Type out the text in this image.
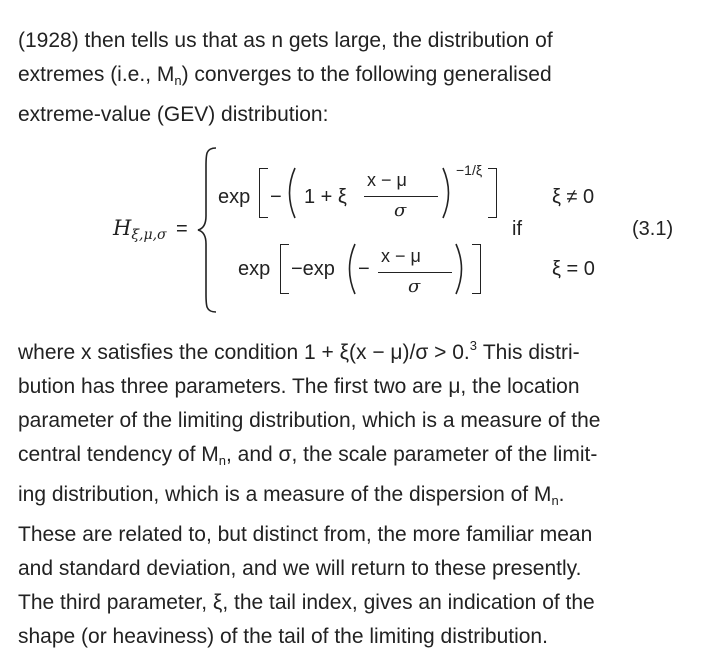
(1928) then tells us that as n gets large, the distribution of
extremes (i.e., $M_n$) converges to the following generalised
extreme-value (GEV) distribution:
$H_{\xi,\mu,\sigma}$ =
exp − 1 + ξ
x − μ
σ
−1/ξ
exp −exp −
x − μ
σ
if
ξ ≠ 0
ξ = 0
(3.1)
where x satisfies the condition 1 + ξ(x − μ)/σ > 0.$^3$ This distri-
bution has three parameters. The first two are μ, the location
parameter of the limiting distribution, which is a measure of the
central tendency of $M_n$, and σ, the scale parameter of the limit-
ing distribution, which is a measure of the dispersion of $M_n$.
These are related to, but distinct from, the more familiar mean
and standard deviation, and we will return to these presently.
The third parameter, ξ, the tail index, gives an indication of the
shape (or heaviness) of the tail of the limiting distribution.
